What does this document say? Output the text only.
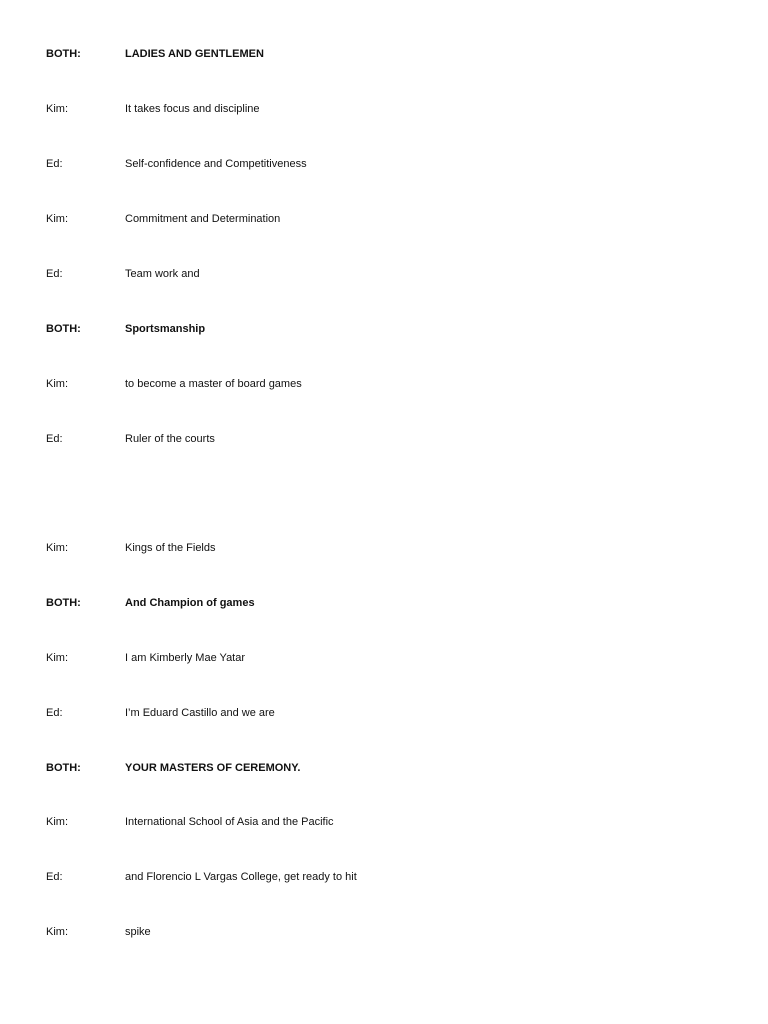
BOTH:	LADIES AND GENTLEMEN
Kim:	It takes focus and discipline
Ed:	Self-confidence and Competitiveness
Kim:	Commitment and Determination
Ed:	Team work and
BOTH:	Sportsmanship
Kim:	to become a master of board games
Ed:	Ruler of the courts
Kim:	Kings of the Fields
BOTH:	And Champion of games
Kim:	I am Kimberly Mae Yatar
Ed:	I’m Eduard Castillo and we are
BOTH:	YOUR MASTERS OF CEREMONY.
Kim:	International School of Asia and the Pacific
Ed:	and Florencio L Vargas College, get ready to hit
Kim:	spike
